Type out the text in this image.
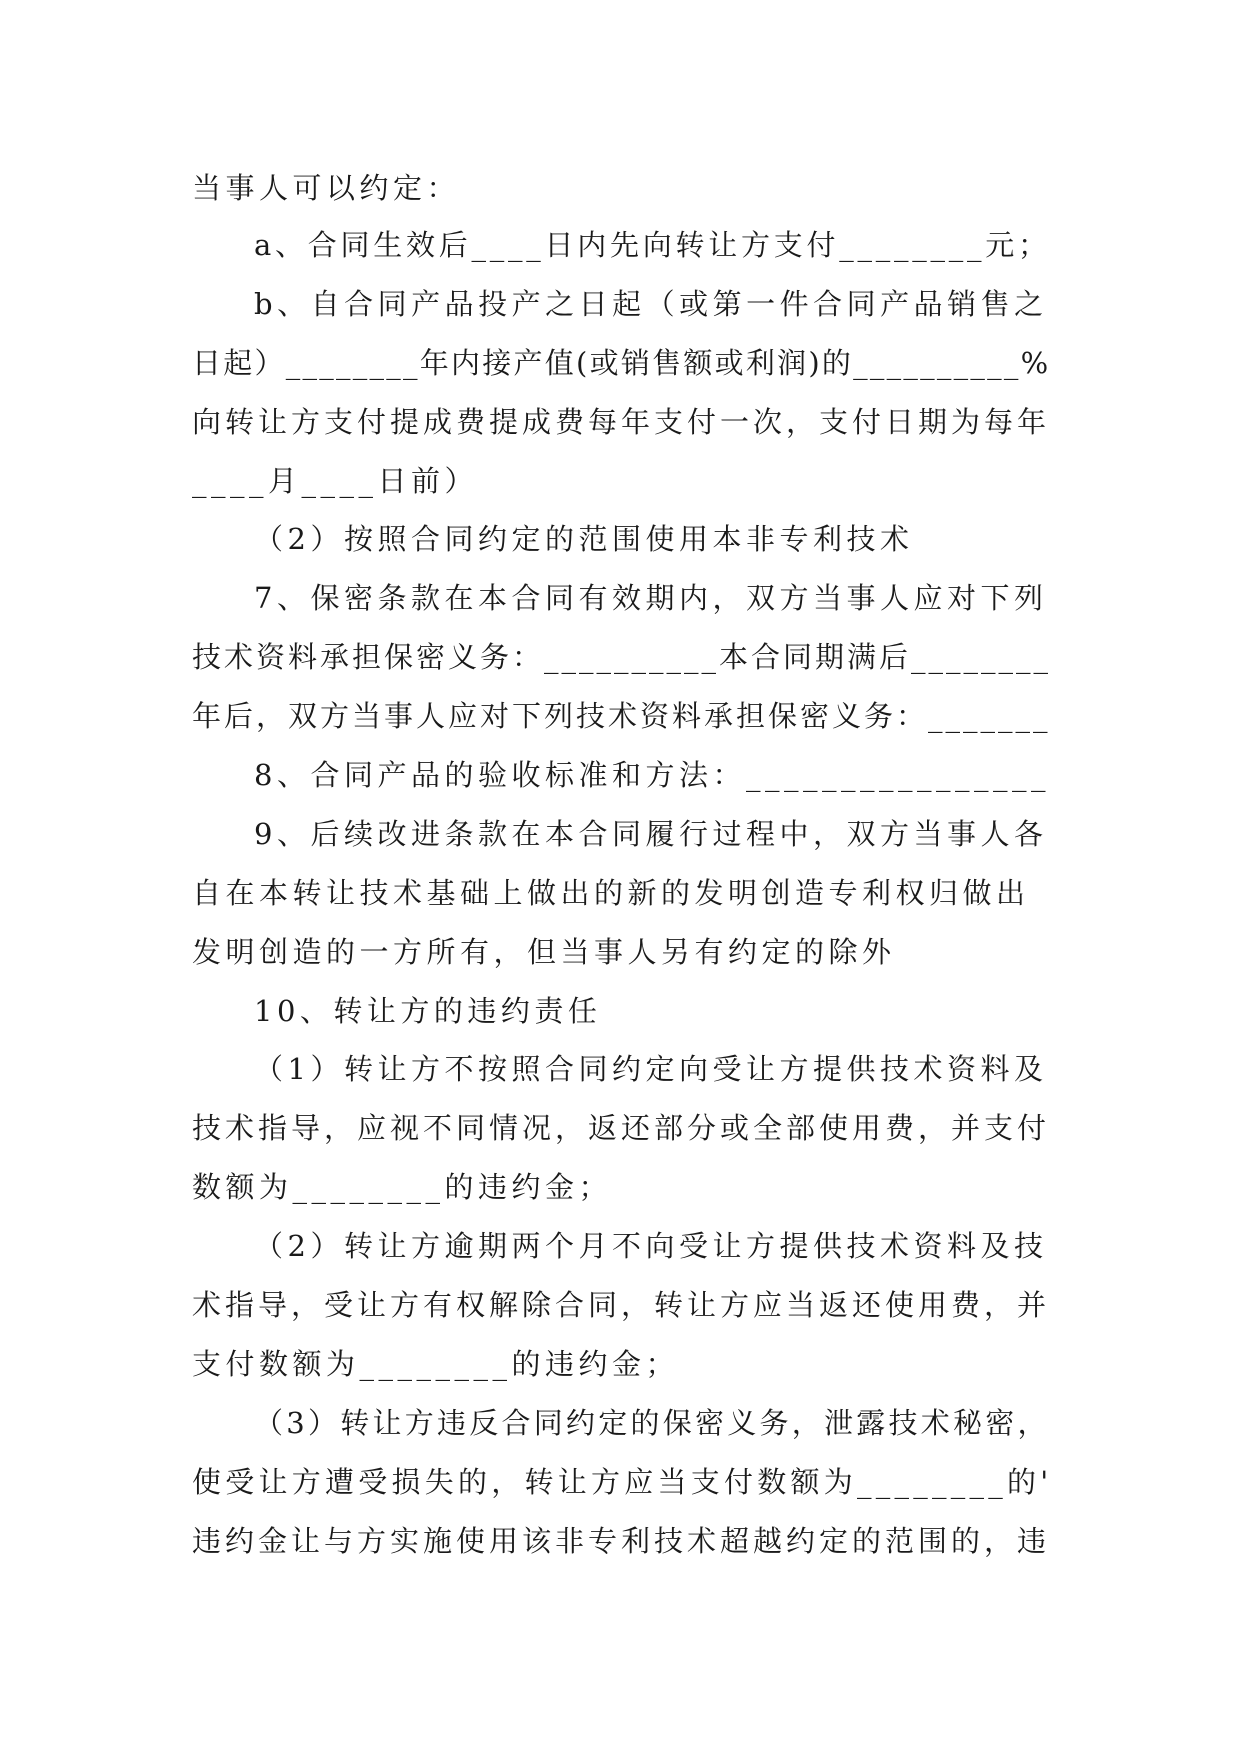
当事人可以约定：
a、合同生效后____日内先向转让方支付________元；
b、自合同产品投产之日起（或第一件合同产品销售之
日起）________年内接产值(或销售额或利润)的__________%
向转让方支付提成费提成费每年支付一次，支付日期为每年
____月____日前）
（2）按照合同约定的范围使用本非专利技术
7、保密条款在本合同有效期内，双方当事人应对下列
技术资料承担保密义务：__________本合同期满后________
年后，双方当事人应对下列技术资料承担保密义务：_______
8、合同产品的验收标准和方法：________________
9、后续改进条款在本合同履行过程中，双方当事人各
自在本转让技术基础上做出的新的发明创造专利权归做出
发明创造的一方所有，但当事人另有约定的除外
10、转让方的违约责任
（1）转让方不按照合同约定向受让方提供技术资料及
技术指导，应视不同情况，返还部分或全部使用费，并支付
数额为________的违约金；
（2）转让方逾期两个月不向受让方提供技术资料及技
术指导，受让方有权解除合同，转让方应当返还使用费，并
支付数额为________的违约金；
（3）转让方违反合同约定的保密义务，泄露技术秘密，
使受让方遭受损失的，转让方应当支付数额为________的'
违约金让与方实施使用该非专利技术超越约定的范围的，违
